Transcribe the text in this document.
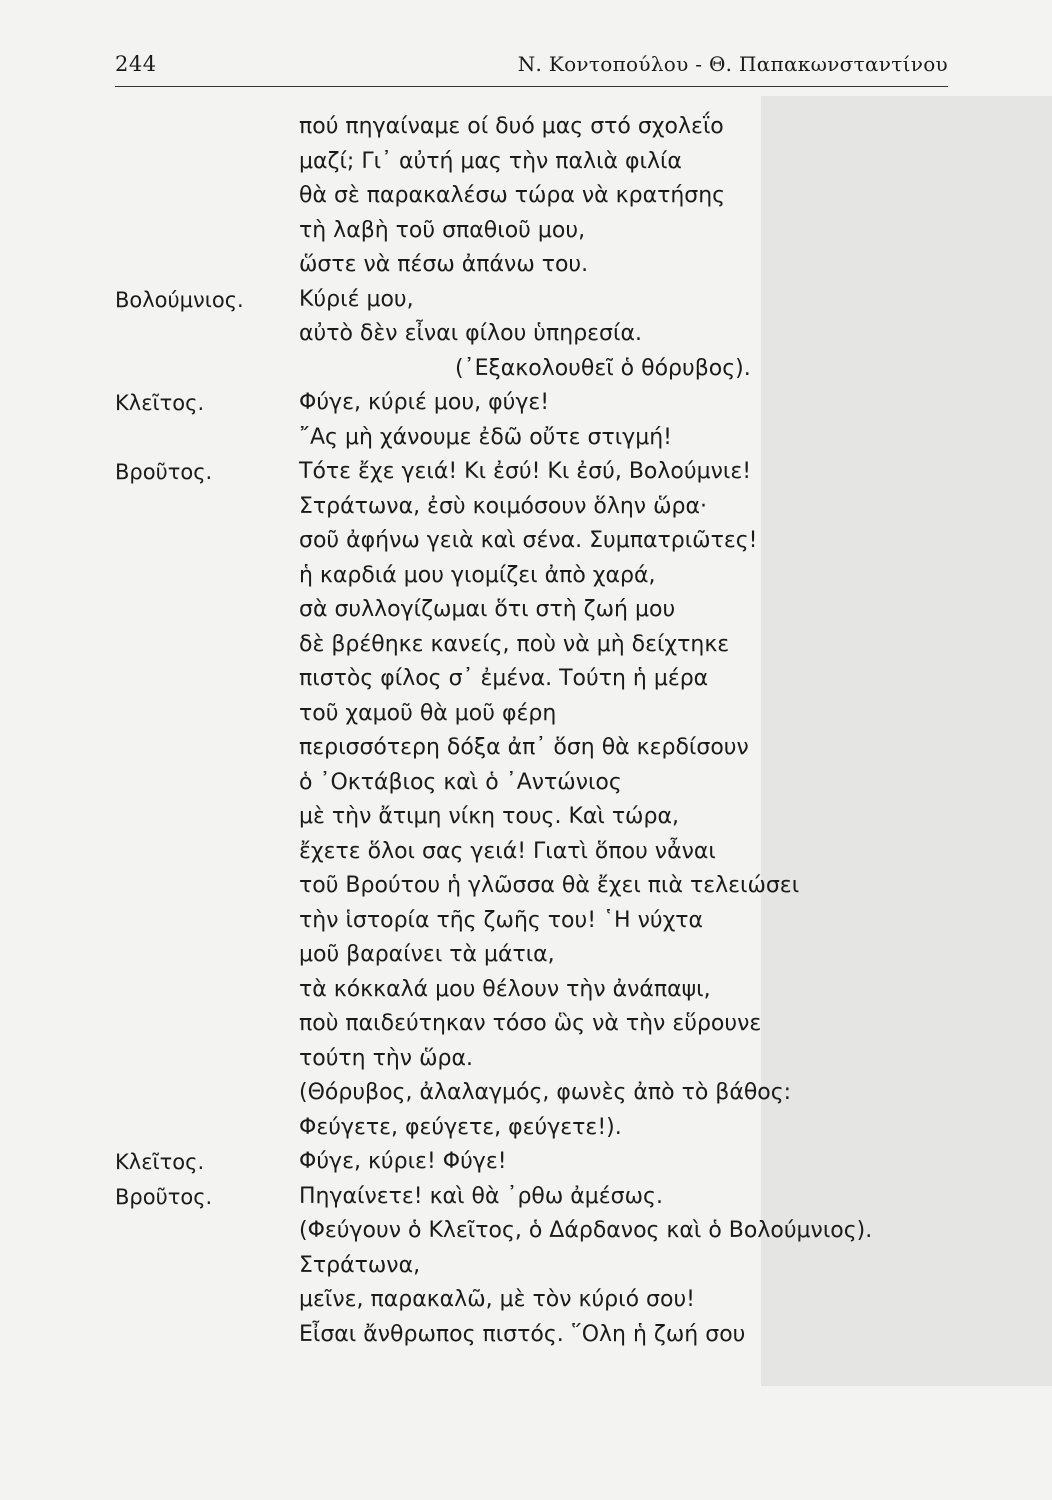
244	Ν. Κοντοπούλου - Θ. Παπακωνσταντίνου
πού πηγαίναμε οί δυό μας στό σχολεΐο
μαζί; Γι᾽ αὐτή μας τὴν παλιὰ φιλία
θὰ σὲ παρακαλέσω τώρα νὰ κρατήσης
τὴ λαβὴ τοῦ σπαθιοῦ μου,
ὥστε νὰ πέσω ἀπάνω του.
Βολούμνιος.	Κύριέ μου,
αὐτὸ δὲν εἶναι φίλου ὑπηρεσία.
(᾽Εξακολουθεῖ ὁ θόρυβος).
Κλεῖτος.	Φύγε, κύριέ μου, φύγε!
῎Ας μὴ χάνουμε ἐδῶ οὔτε στιγμή!
Βροῦτος.	Τότε ἔχε γειά! Κι ἐσύ! Κι ἐσύ, Βολούμνιε!
Στράτωνα, ἐσὺ κοιμόσουν ὅλην ὥρα·
σοῦ ἀφήνω γειὰ καὶ σένα. Συμπατριῶτες!
ἡ καρδιά μου γιομίζει ἀπὸ χαρά,
σὰ συλλογίζωμαι ὅτι στὴ ζωή μου
δὲ βρέθηκε κανείς, ποὺ νὰ μὴ δείχτηκε
πιστὸς φίλος σ᾽ ἐμένα. Τούτη ἡ μέρα
τοῦ χαμοῦ θὰ μοῦ φέρη
περισσότερη δόξα ἀπ᾽ ὅση θὰ κερδίσουν
ὁ ᾽Οκτάβιος καὶ ὁ ᾽Αντώνιος
μὲ τὴν ἄτιμη νίκη τους. Καὶ τώρα,
ἔχετε ὅλοι σας γειά! Γιατὶ ὅπου νἆναι
τοῦ Βρούτου ἡ γλῶσσα θὰ ἔχει πιὰ τελειώσει
τὴν ἱστορία τῆς ζωῆς του! ῾Η νύχτα
μοῦ βαραίνει τὰ μάτια,
τὰ κόκκαλά μου θέλουν τὴν ἀνάπαψι,
ποὺ παιδεύτηκαν τόσο ὣς νὰ τὴν εὕρουνε
τούτη τὴν ὥρα.
(Θόρυβος, ἀλαλαγμός, φωνὲς ἀπὸ τὸ βάθος:
Φεύγετε, φεύγετε, φεύγετε!).
Κλεῖτος.	Φύγε, κύριε! Φύγε!
Βροῦτος.	Πηγαίνετε! καὶ θὰ ᾽ρθω ἀμέσως.
(Φεύγουν ὁ Κλεῖτος, ὁ Δάρδανος καὶ ὁ Βολούμνιος).
Στράτωνα,
μεῖνε, παρακαλῶ, μὲ τὸν κύριό σου!
Εἶσαι ἄνθρωπος πιστός. ῞Ολη ἡ ζωή σου
